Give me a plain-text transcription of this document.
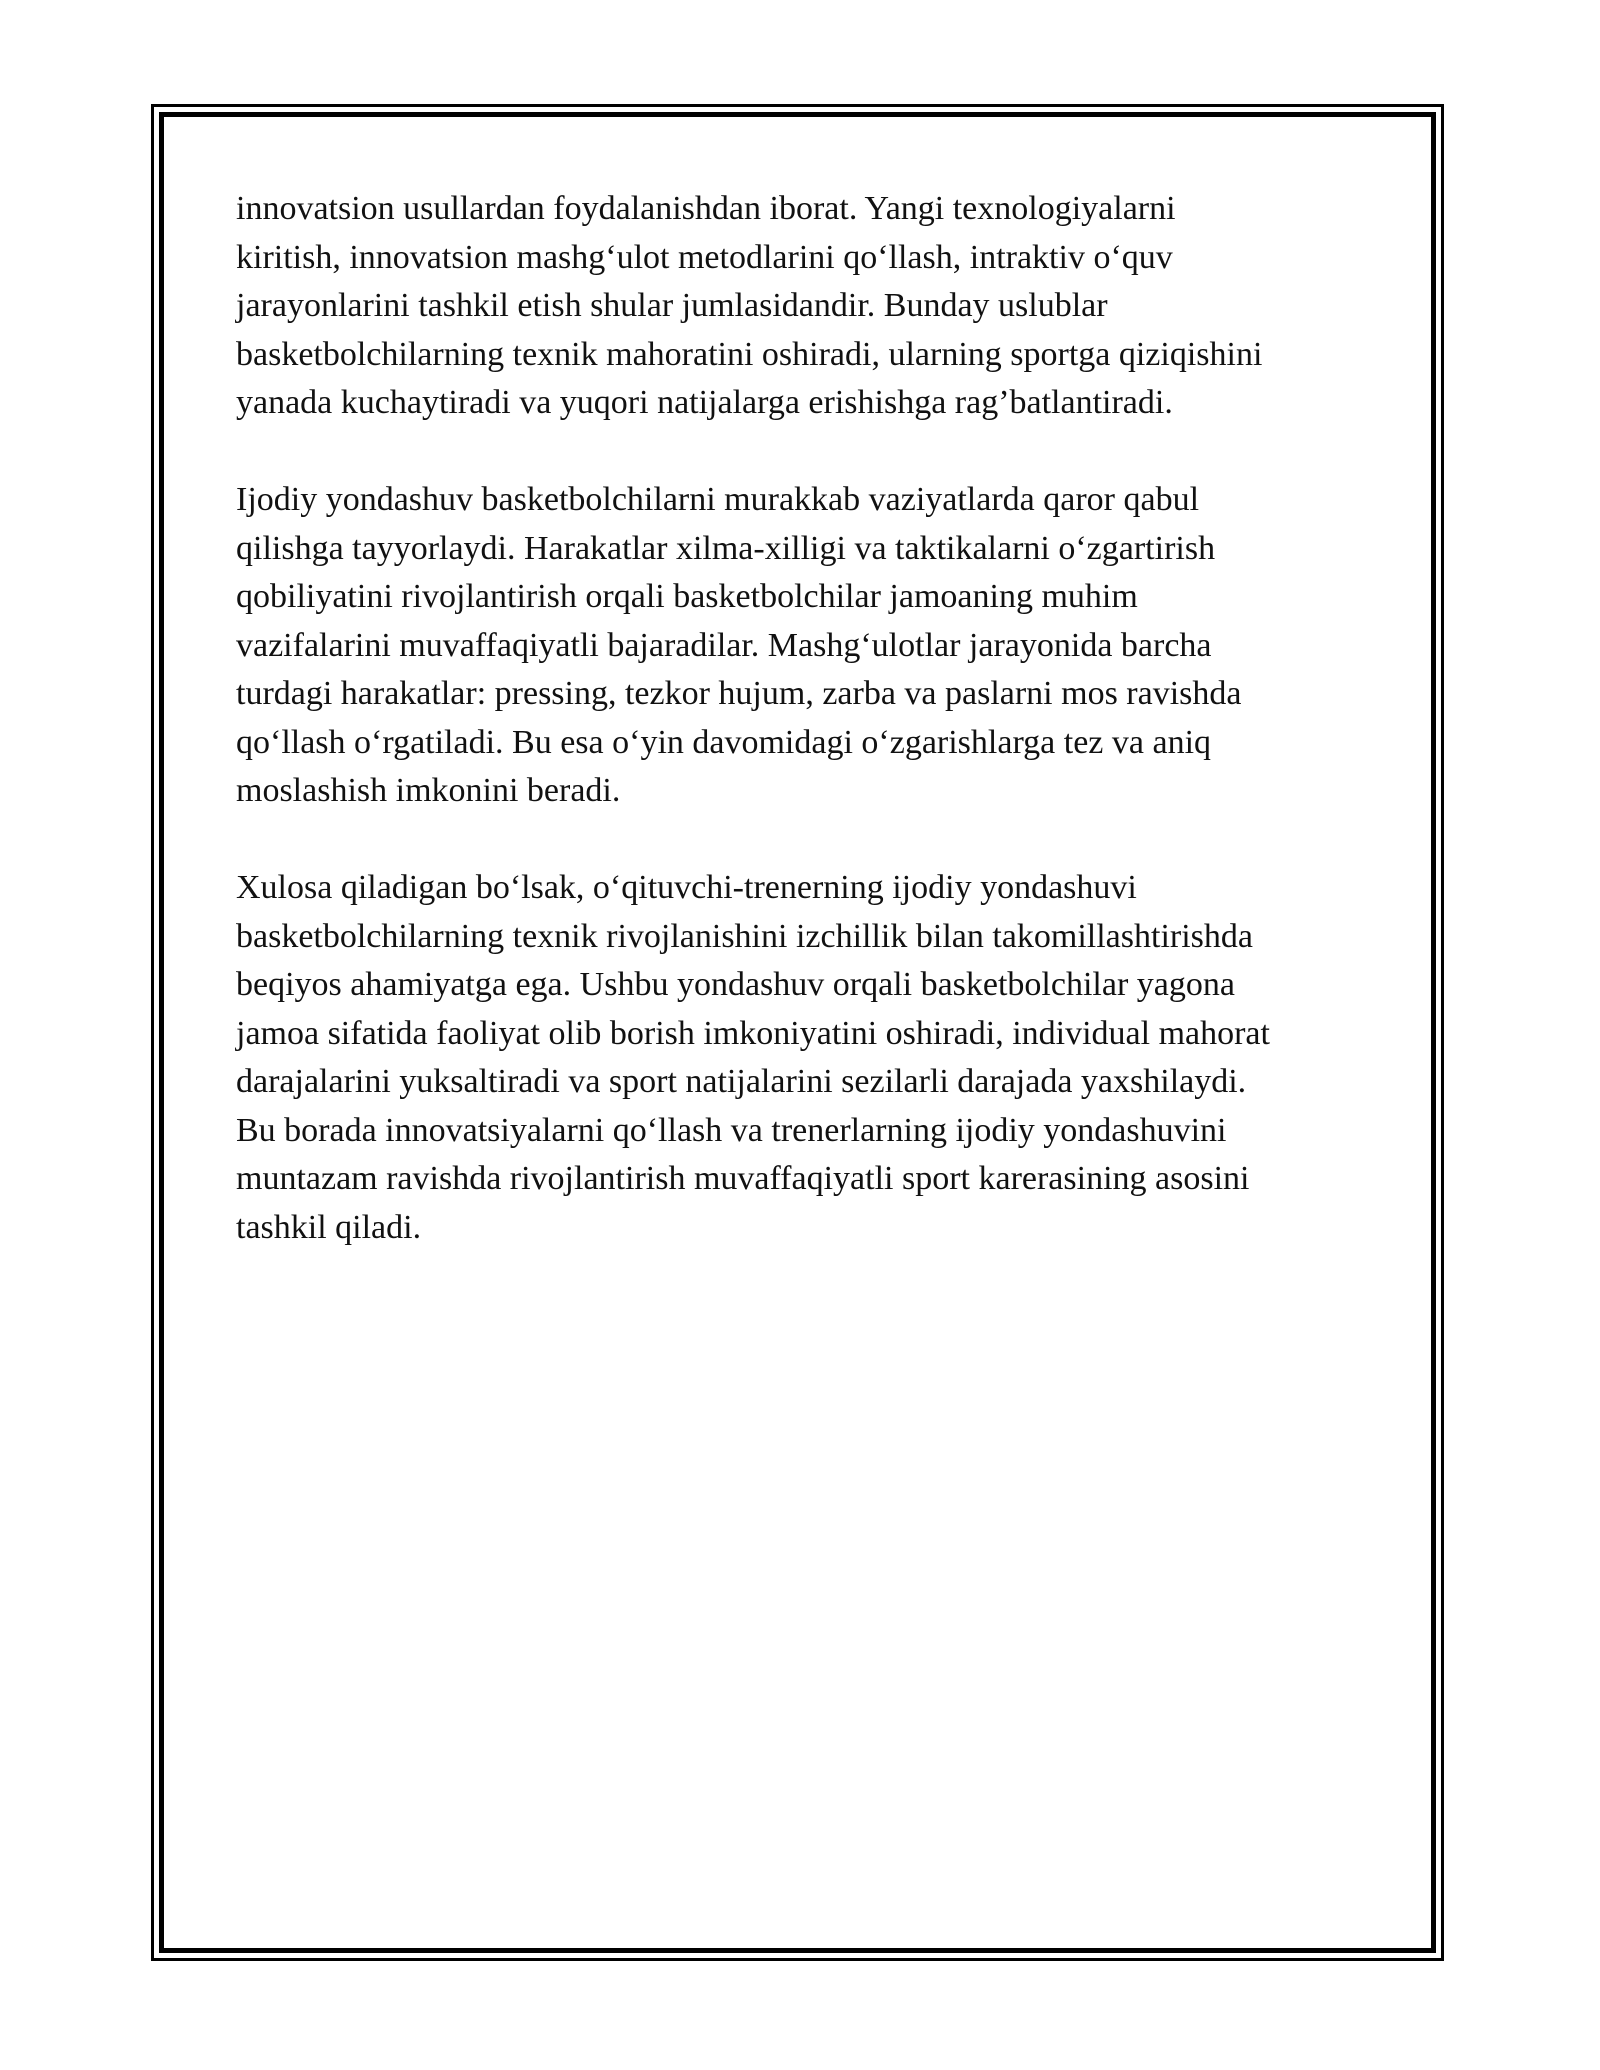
innovatsion usullardan foydalanishdan iborat. Yangi texnologiyalarni
kiritish, innovatsion mashg‘ulot metodlarini qo‘llash, intraktiv o‘quv
jarayonlarini tashkil etish shular jumlasidandir. Bunday uslublar
basketbolchilarning texnik mahoratini oshiradi, ularning sportga qiziqishini
yanada kuchaytiradi va yuqori natijalarga erishishga rag’batlantiradi.

Ijodiy yondashuv basketbolchilarni murakkab vaziyatlarda qaror qabul
qilishga tayyorlaydi. Harakatlar xilma-xilligi va taktikalarni o‘zgartirish
qobiliyatini rivojlantirish orqali basketbolchilar jamoaning muhim
vazifalarini muvaffaqiyatli bajaradilar. Mashg‘ulotlar jarayonida barcha
turdagi harakatlar: pressing, tezkor hujum, zarba va paslarni mos ravishda
qo‘llash o‘rgatiladi. Bu esa o‘yin davomidagi o‘zgarishlarga tez va aniq
moslashish imkonini beradi.

Xulosa qiladigan bo‘lsak, o‘qituvchi-trenerning ijodiy yondashuvi
basketbolchilarning texnik rivojlanishini izchillik bilan takomillashtirishda
beqiyos ahamiyatga ega. Ushbu yondashuv orqali basketbolchilar yagona
jamoa sifatida faoliyat olib borish imkoniyatini oshiradi, individual mahorat
darajalarini yuksaltiradi va sport natijalarini sezilarli darajada yaxshilaydi.
Bu borada innovatsiyalarni qo‘llash va trenerlarning ijodiy yondashuvini
muntazam ravishda rivojlantirish muvaffaqiyatli sport karerasining asosini
tashkil qiladi.
